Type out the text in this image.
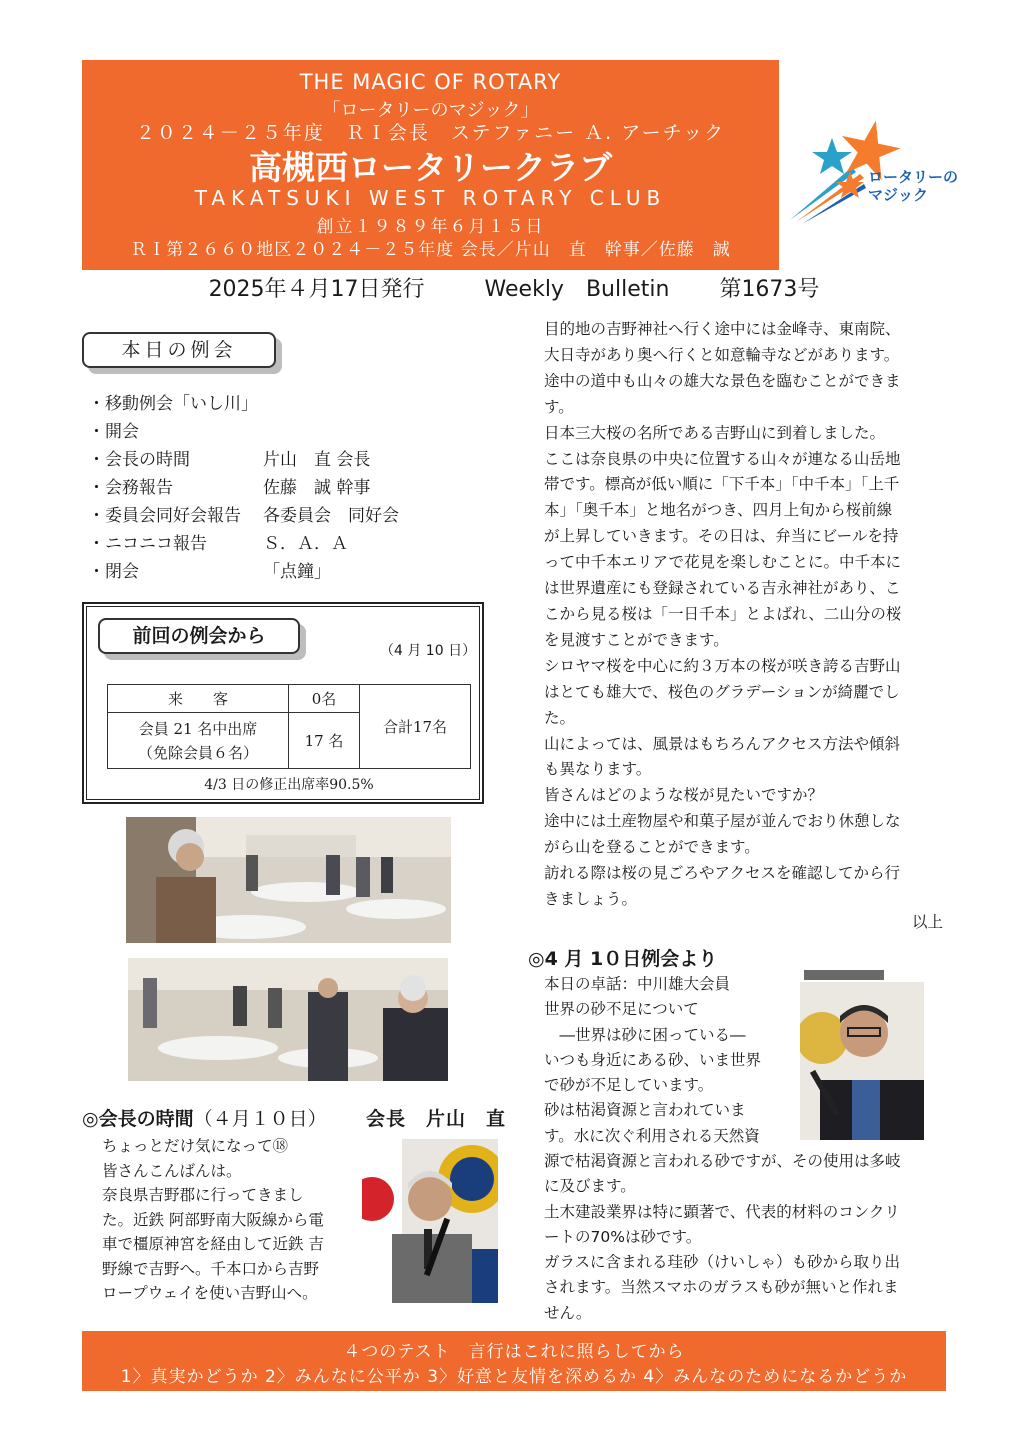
THE MAGIC OF ROTARY
「ロータリーのマジック」
２０２４－２５年度　ＲＩ会長　ステファニー Ａ. アーチック
高槻西ロータリークラブ
TAKATSUKI WEST ROTARY CLUB
創立１９８９年６月１５日
ＲＩ第２６６０地区２０２４－２５年度 会長／片山　直　幹事／佐藤　誠
ロータリーの
マジック
2025年４月17日発行	Weekly　Bulletin 第1673号
本日の例会
・移動例会「いし川」
・開会
・会長の時間	片山　直 会長
・会務報告	佐藤　誠 幹事
・委員会同好会報告	各委員会　同好会
・ニコニコ報告	Ｓ．Ａ．Ａ
・閉会	「点鐘」
前回の例会から
（4 月 10 日）
来　　客	0名	合計17名

会員 21 名中出席
（免除会員６名）	17 名	
4/3 日の修正出席率90.5%
◎会長の時間（４月１０日） 会長　片山　直
ちょっとだけ気になって⑱
皆さんこんばんは。
奈良県吉野郡に行ってきまし
た。近鉄 阿部野南大阪線から電
車で橿原神宮を経由して近鉄 吉
野線で吉野へ。千本口から吉野
ロープウェイを使い吉野山へ。
目的地の吉野神社へ行く途中には金峰寺、東南院、
大日寺があり奥へ行くと如意輪寺などがあります。
途中の道中も山々の雄大な景色を臨むことができま
す。
日本三大桜の名所である吉野山に到着しました。
ここは奈良県の中央に位置する山々が連なる山岳地
帯です。標高が低い順に「下千本」「中千本」「上千
本」「奥千本」と地名がつき、四月上旬から桜前線
が上昇していきます。その日は、弁当にビールを持
って中千本エリアで花見を楽しむことに。中千本に
は世界遺産にも登録されている吉永神社があり、こ
こから見る桜は「一日千本」とよばれ、二山分の桜
を見渡すことができます。
シロヤマ桜を中心に約３万本の桜が咲き誇る吉野山
はとても雄大で、桜色のグラデーションが綺麗でし
た。
山によっては、風景はもちろんアクセス方法や傾斜
も異なります。
皆さんはどのような桜が見たいですか？
途中には土産物屋や和菓子屋が並んでおり休憩しな
がら山を登ることができます。
訪れる際は桜の見ごろやアクセスを確認してから行
きましょう。
以上
◎4 月 1０日例会より
本日の卓話：中川雄大会員
世界の砂不足について
　―世界は砂に困っている―
いつも身近にある砂、いま世界
で砂が不足しています。
砂は枯渇資源と言われていま
す。水に次ぐ利用される天然資
源で枯渇資源と言われる砂ですが、その使用は多岐
に及びます。
土木建設業界は特に顕著で、代表的材料のコンクリ
ートの70%は砂です。
ガラスに含まれる珪砂（けいしゃ）も砂から取り出
されます。当然スマホのガラスも砂が無いと作れま
せん。
４つのテスト　言行はこれに照らしてから
1〉真実かどうか 2〉みんなに公平か 3〉好意と友情を深めるか 4〉みんなのためになるかどうか
